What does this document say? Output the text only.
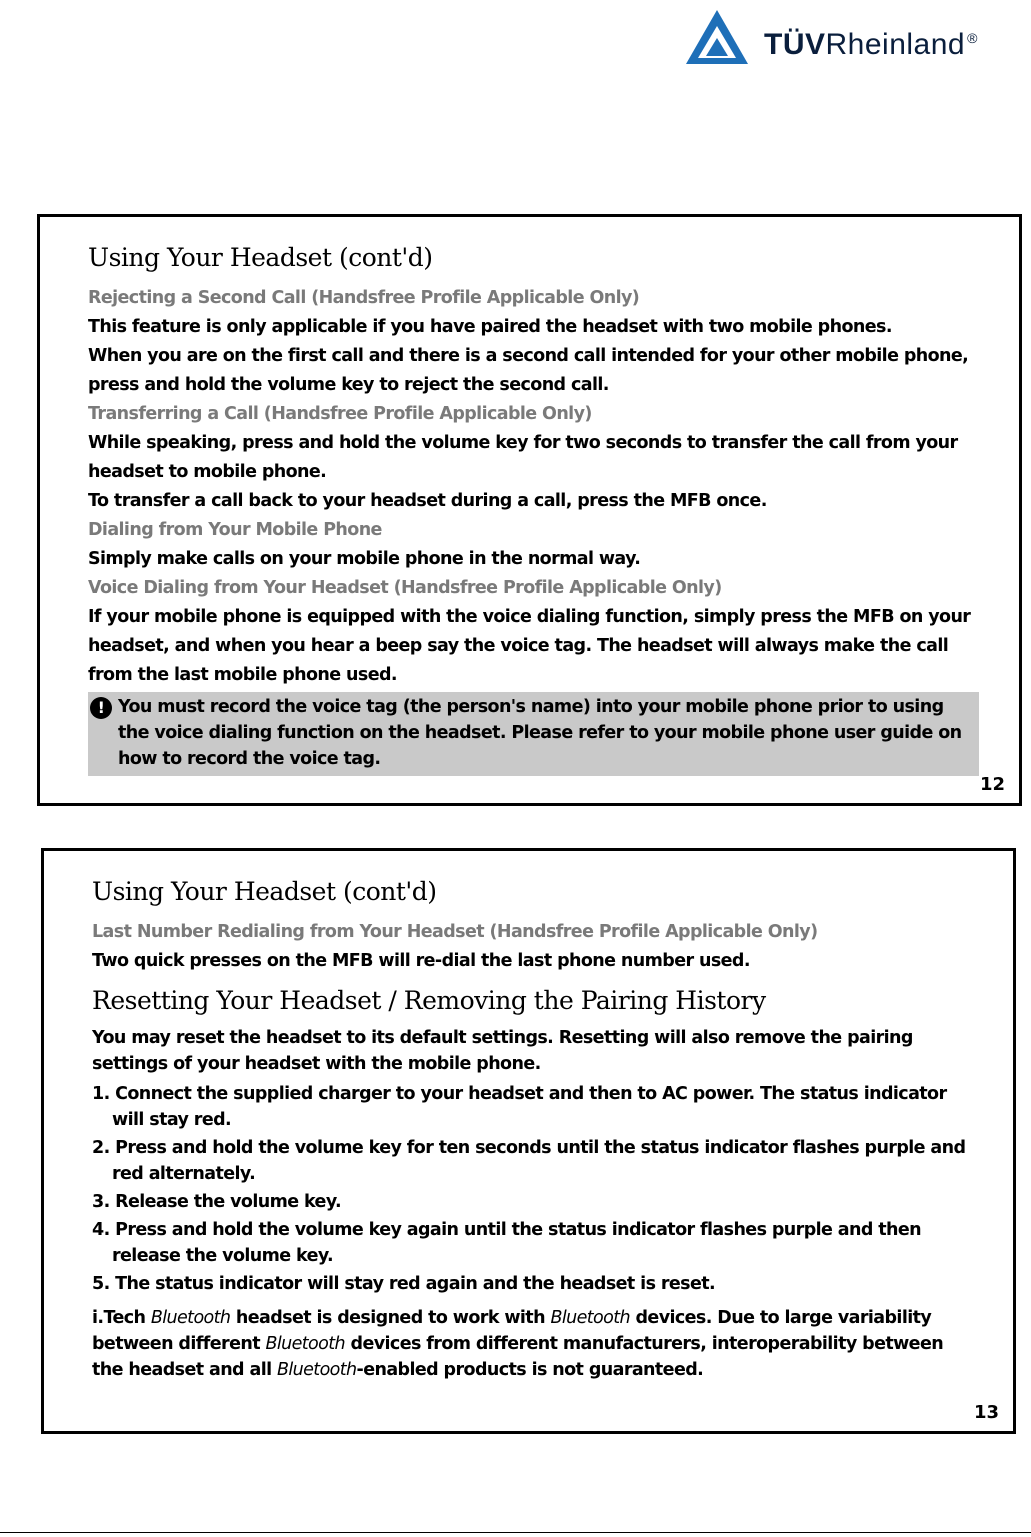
TÜVRheinland ®
Using Your Headset (cont'd)
Rejecting a Second Call (Handsfree Profile Applicable Only)
This feature is only applicable if you have paired the headset with two mobile phones.
When you are on the first call and there is a second call intended for your other mobile phone, press and hold the volume key to reject the second call.
Transferring a Call (Handsfree Profile Applicable Only)
While speaking, press and hold the volume key for two seconds to transfer the call from your headset to mobile phone.
To transfer a call back to your headset during a call, press the MFB once.
Dialing from Your Mobile Phone
Simply make calls on your mobile phone in the normal way.
Voice Dialing from Your Headset (Handsfree Profile Applicable Only)
If your mobile phone is equipped with the voice dialing function, simply press the MFB on your headset, and when you hear a beep say the voice tag. The headset will always make the call from the last mobile phone used.
! You must record the voice tag (the person's name) into your mobile phone prior to using the voice dialing function on the headset. Please refer to your mobile phone user guide on how to record the voice tag.
12
Using Your Headset (cont'd)
Last Number Redialing from Your Headset (Handsfree Profile Applicable Only)
Two quick presses on the MFB will re-dial the last phone number used.
Resetting Your Headset / Removing the Pairing History
You may reset the headset to its default settings. Resetting will also remove the pairing settings of your headset with the mobile phone.
1. Connect the supplied charger to your headset and then to AC power. The status indicator will stay red.
2. Press and hold the volume key for ten seconds until the status indicator flashes purple and red alternately.
3. Release the volume key.
4. Press and hold the volume key again until the status indicator flashes purple and then release the volume key.
5. The status indicator will stay red again and the headset is reset.
i.Tech Bluetooth headset is designed to work with Bluetooth devices. Due to large variability between different Bluetooth devices from different manufacturers, interoperability between the headset and all Bluetooth-enabled products is not guaranteed.
13
